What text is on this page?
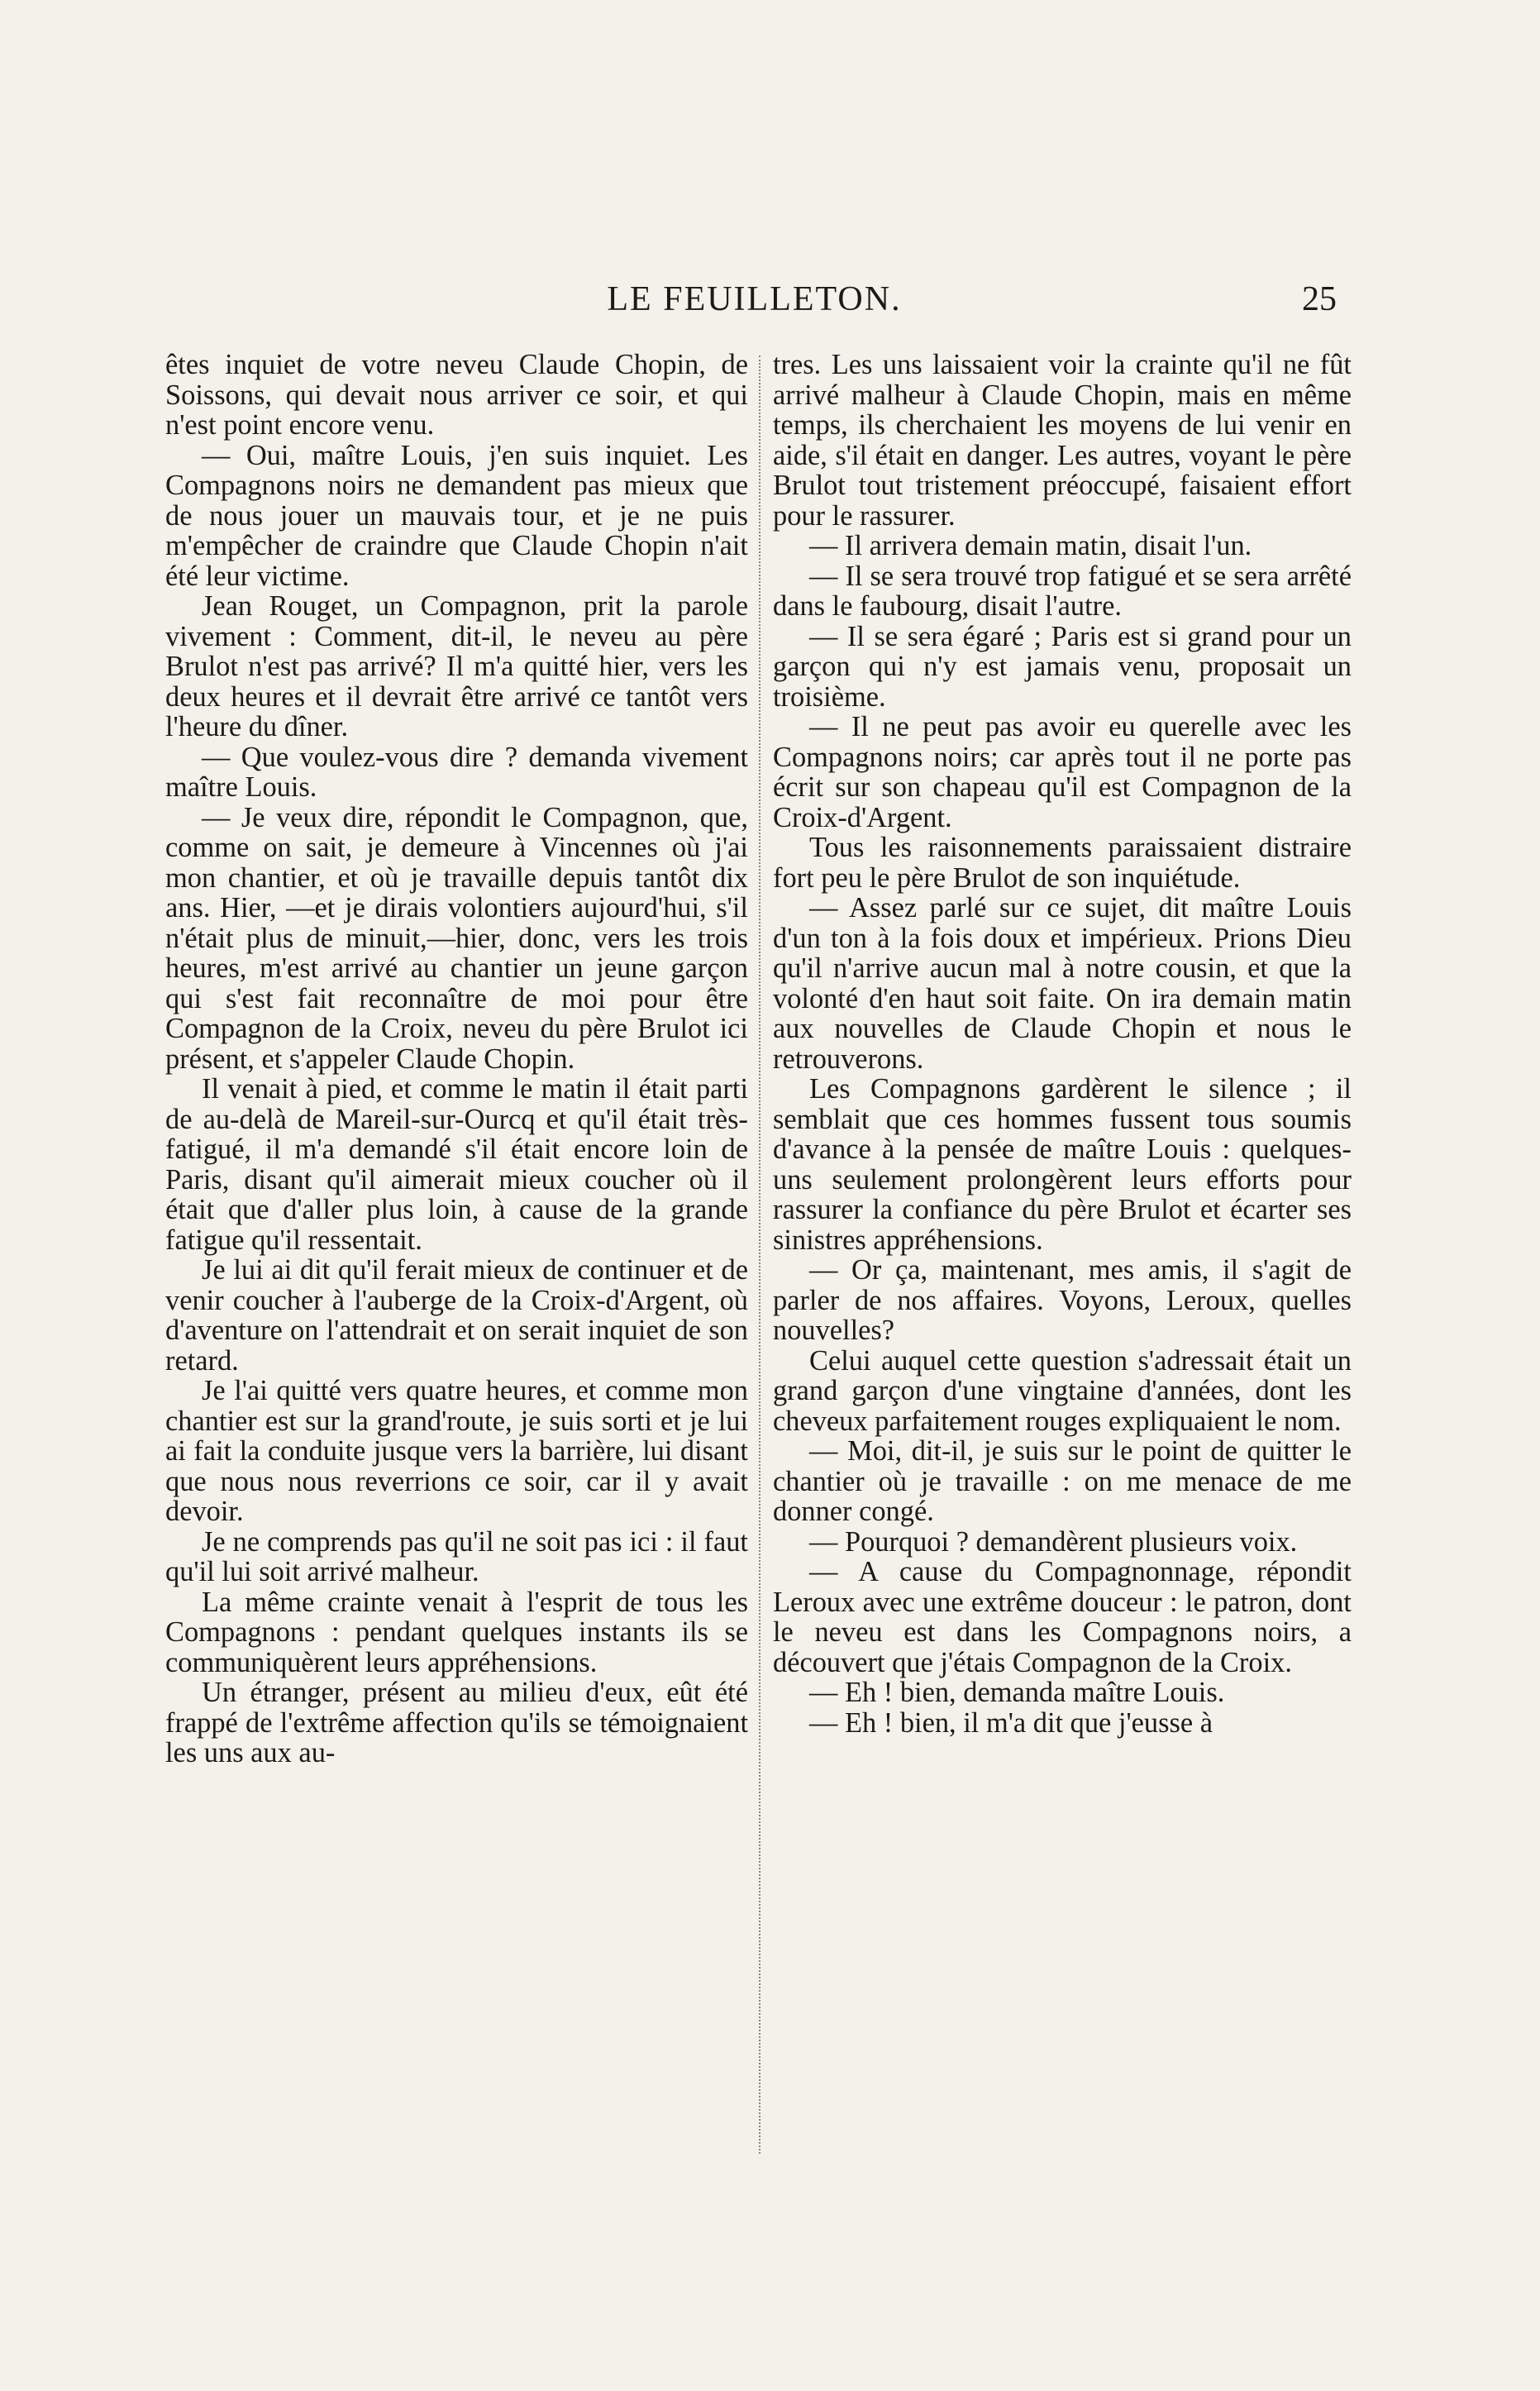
LE FEUILLETON.	25

êtes inquiet de votre neveu Claude Chopin, de Soissons, qui devait nous arriver ce soir, et qui n'est point encore venu.

— Oui, maître Louis, j'en suis inquiet. Les Compagnons noirs ne demandent pas mieux que de nous jouer un mauvais tour, et je ne puis m'empêcher de craindre que Claude Chopin n'ait été leur victime.

Jean Rouget, un Compagnon, prit la parole vivement : Comment, dit-il, le neveu au père Brulot n'est pas arrivé? Il m'a quitté hier, vers les deux heures et il devrait être arrivé ce tantôt vers l'heure du dîner.

— Que voulez-vous dire ? demanda vivement maître Louis.

— Je veux dire, répondit le Compagnon, que, comme on sait, je demeure à Vincennes où j'ai mon chantier, et où je travaille depuis tantôt dix ans. Hier, —et je dirais volontiers aujourd'hui, s'il n'était plus de minuit,—hier, donc, vers les trois heures, m'est arrivé au chantier un jeune garçon qui s'est fait reconnaître de moi pour être Compagnon de la Croix, neveu du père Brulot ici présent, et s'appeler Claude Chopin.

Il venait à pied, et comme le matin il était parti de au-delà de Mareil-sur-Ourcq et qu'il était très-fatigué, il m'a demandé s'il était encore loin de Paris, disant qu'il aimerait mieux coucher où il était que d'aller plus loin, à cause de la grande fatigue qu'il ressentait.

Je lui ai dit qu'il ferait mieux de continuer et de venir coucher à l'auberge de la Croix-d'Argent, où d'aventure on l'attendrait et on serait inquiet de son retard.

Je l'ai quitté vers quatre heures, et comme mon chantier est sur la grand'route, je suis sorti et je lui ai fait la conduite jusque vers la barrière, lui disant que nous nous reverrions ce soir, car il y avait devoir.

Je ne comprends pas qu'il ne soit pas ici : il faut qu'il lui soit arrivé malheur.

La même crainte venait à l'esprit de tous les Compagnons : pendant quelques instants ils se communiquèrent leurs appréhensions.

Un étranger, présent au milieu d'eux, eût été frappé de l'extrême affection qu'ils se témoignaient les uns aux au-

tres. Les uns laissaient voir la crainte qu'il ne fût arrivé malheur à Claude Chopin, mais en même temps, ils cherchaient les moyens de lui venir en aide, s'il était en danger. Les autres, voyant le père Brulot tout tristement préoccupé, faisaient effort pour le rassurer.

— Il arrivera demain matin, disait l'un.

— Il se sera trouvé trop fatigué et se sera arrêté dans le faubourg, disait l'autre.

— Il se sera égaré ; Paris est si grand pour un garçon qui n'y est jamais venu, proposait un troisième.

— Il ne peut pas avoir eu querelle avec les Compagnons noirs; car après tout il ne porte pas écrit sur son chapeau qu'il est Compagnon de la Croix-d'Argent.

Tous les raisonnements paraissaient distraire fort peu le père Brulot de son inquiétude.

— Assez parlé sur ce sujet, dit maître Louis d'un ton à la fois doux et impérieux. Prions Dieu qu'il n'arrive aucun mal à notre cousin, et que la volonté d'en haut soit faite. On ira demain matin aux nouvelles de Claude Chopin et nous le retrouverons.

Les Compagnons gardèrent le silence ; il semblait que ces hommes fussent tous soumis d'avance à la pensée de maître Louis : quelques-uns seulement prolongèrent leurs efforts pour rassurer la confiance du père Brulot et écarter ses sinistres appréhensions.

— Or ça, maintenant, mes amis, il s'agit de parler de nos affaires. Voyons, Leroux, quelles nouvelles?

Celui auquel cette question s'adressait était un grand garçon d'une vingtaine d'années, dont les cheveux parfaitement rouges expliquaient le nom.

— Moi, dit-il, je suis sur le point de quitter le chantier où je travaille : on me menace de me donner congé.

— Pourquoi ? demandèrent plusieurs voix.

— A cause du Compagnonnage, répondit Leroux avec une extrême douceur : le patron, dont le neveu est dans les Compagnons noirs, a découvert que j'étais Compagnon de la Croix.

— Eh ! bien, demanda maître Louis.

— Eh ! bien, il m'a dit que j'eusse à
